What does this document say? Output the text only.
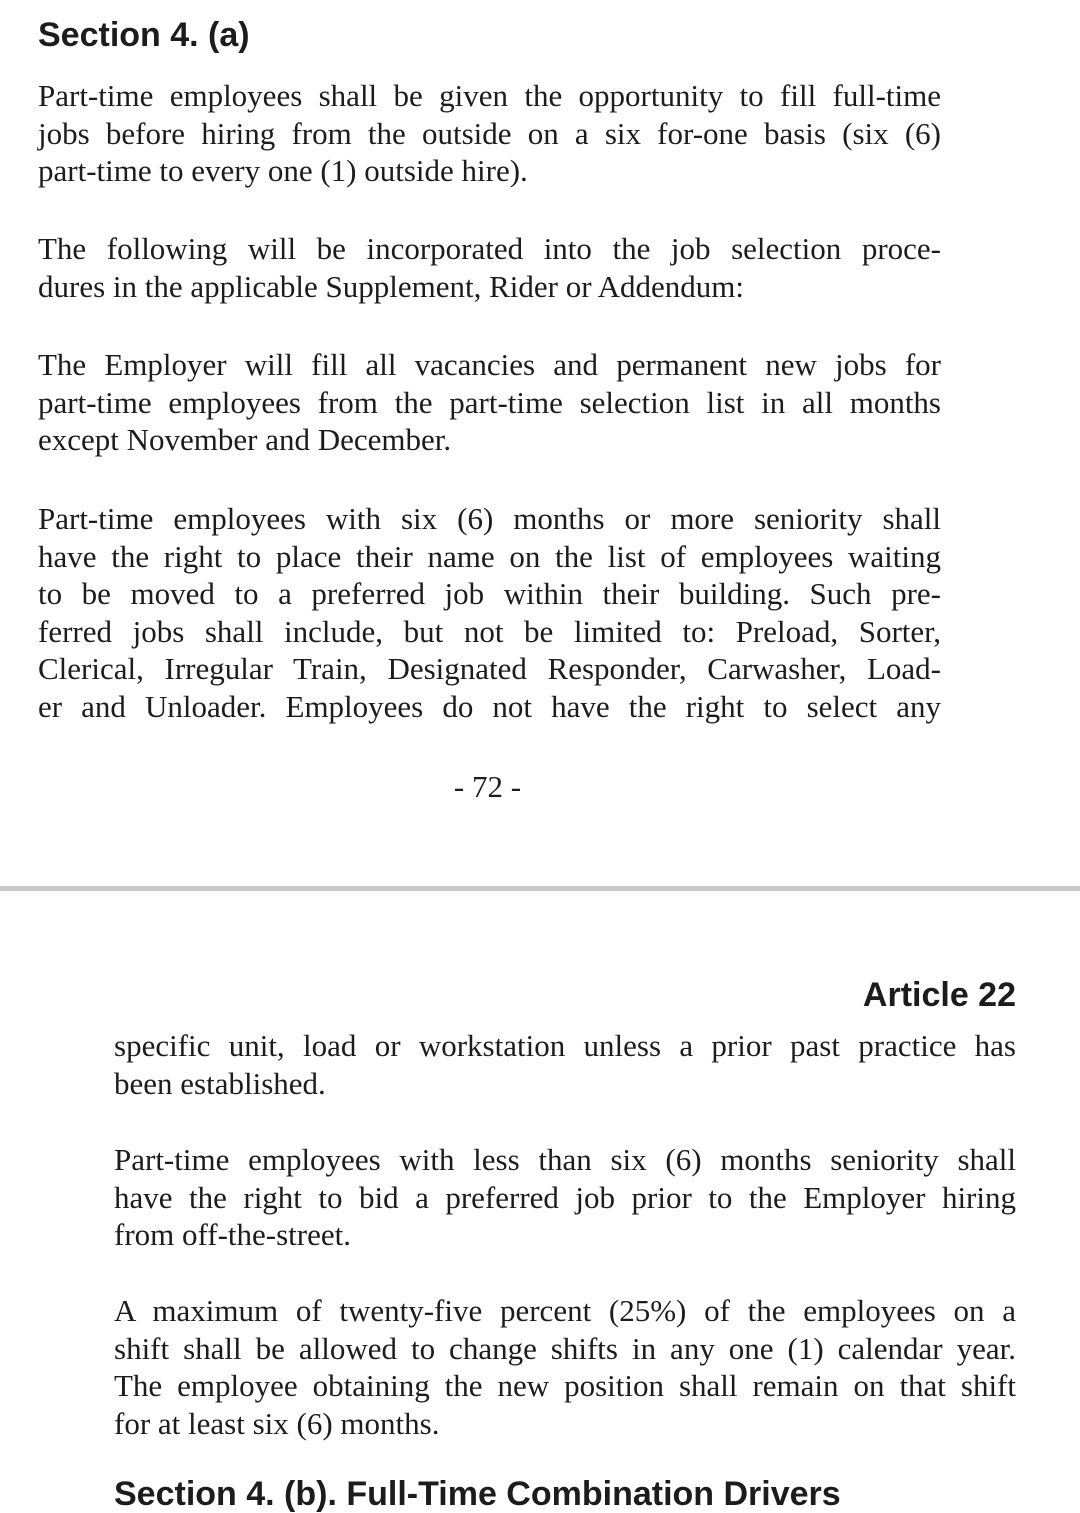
Section 4. (a)

Part-time employees shall be given the opportunity to fill full-time
jobs before hiring from the outside on a six for-one basis (six (6)
part-time to every one (1) outside hire).

The following will be incorporated into the job selection proce-
dures in the applicable Supplement, Rider or Addendum:

The Employer will fill all vacancies and permanent new jobs for
part-time employees from the part-time selection list in all months
except November and December.

Part-time employees with six (6) months or more seniority shall
have the right to place their name on the list of employees waiting
to be moved to a preferred job within their building. Such pre-
ferred jobs shall include, but not be limited to: Preload, Sorter,
Clerical, Irregular Train, Designated Responder, Carwasher, Load-
er and Unloader. Employees do not have the right to select any

- 72 -
Article 22

specific unit, load or workstation unless a prior past practice has
been established.

Part-time employees with less than six (6) months seniority shall
have the right to bid a preferred job prior to the Employer hiring
from off-the-street.

A maximum of twenty-five percent (25%) of the employees on a
shift shall be allowed to change shifts in any one (1) calendar year.
The employee obtaining the new position shall remain on that shift
for at least six (6) months.

Section 4. (b). Full-Time Combination Drivers
